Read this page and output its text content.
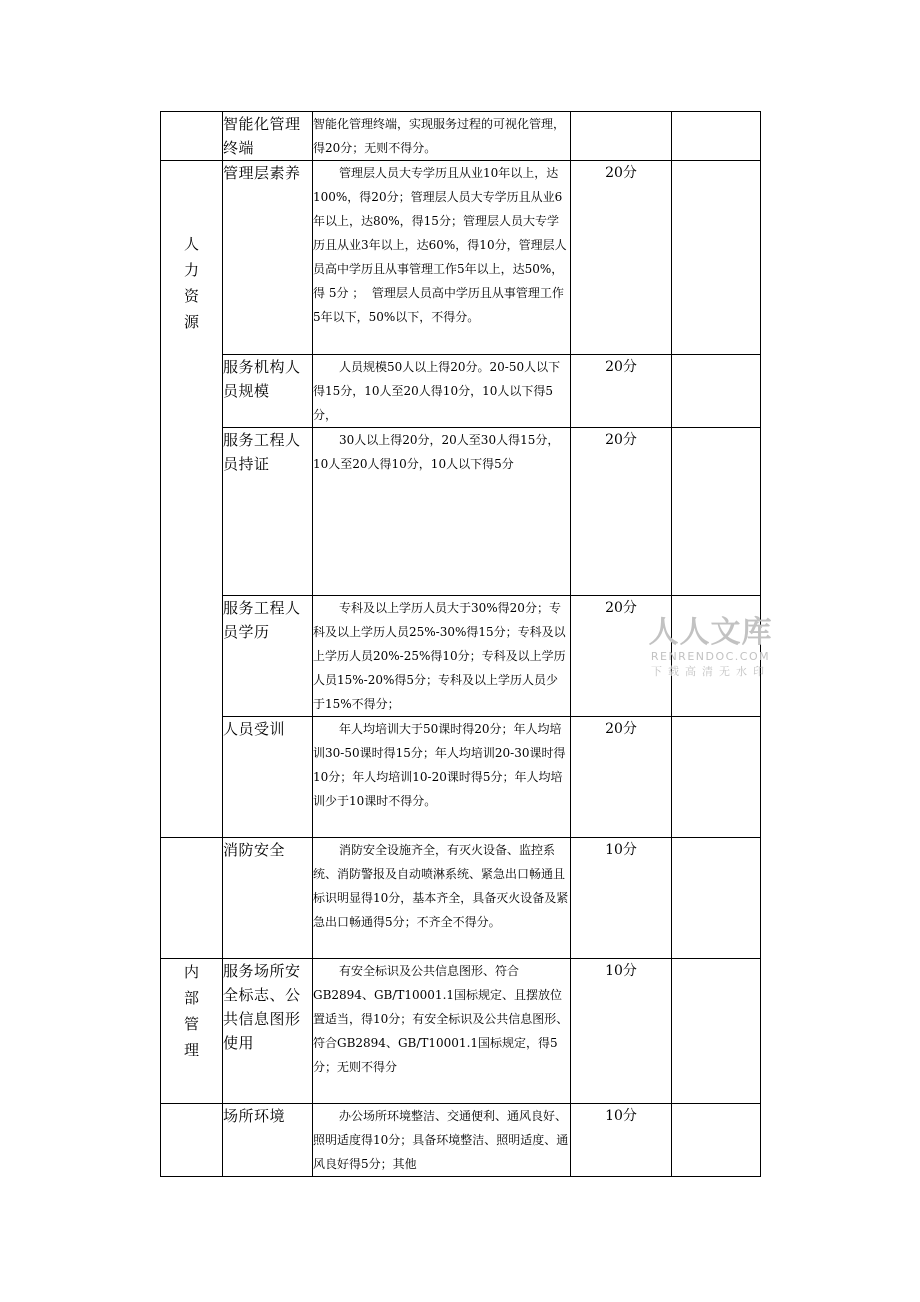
	智能化管理终端	智能化管理终端，实现服务过程的可视化管理，得20分；无则不得分。		

人力资源	管理层素养	管理层人员大专学历且从业10年以上，达100%，得20分；管理层人员大专学历且从业6年以上，达80%，得15分；管理层人员大专学历且从业3年以上，达60%，得10分，管理层人员高中学历且从事管理工作5年以上，达50%，得 5分 ；  管理层人员高中学历且从事管理工作5年以下，50%以下，不得分。	20分	
	服务机构人员规模	人员规模50人以上得20分。20-50人以下得15分，10人至20人得10分，10人以下得5分，	20分	
	服务工程人员持证	30人以上得20分，20人至30人得15分，10人至20人得10分，10人以下得5分	20分	
	服务工程人员学历	专科及以上学历人员大于30%得20分；专科及以上学历人员25%-30%得15分；专科及以上学历人员20%-25%得10分；专科及以上学历人员15%-20%得5分；专科及以上学历人员少于15%不得分；	20分	
	人员受训	年人均培训大于50课时得20分；年人均培训30-50课时得15分；年人均培训20-30课时得10分；年人均培训10-20课时得5分；年人均培训少于10课时不得分。	20分	
	消防安全	消防安全设施齐全，有灭火设备、监控系统、消防警报及自动喷淋系统、紧急出口畅通且标识明显得10分，基本齐全，具备灭火设备及紧急出口畅通得5分；不齐全不得分。	10分	

内部管理	服务场所安全标志、公共信息图形使用	有安全标识及公共信息图形、符合GB2894、GB/T10001.1国标规定、且摆放位置适当，得10分；有安全标识及公共信息图形、符合GB2894、GB/T10001.1国标规定，得5分；无则不得分	10分	
	场所环境	办公场所环境整洁、交通便利、通风良好、照明适度得10分；具备环境整洁、照明适度、通风良好得5分；其他	10分	
人人文库
RENRENDOC.COM
下载高清无水印
